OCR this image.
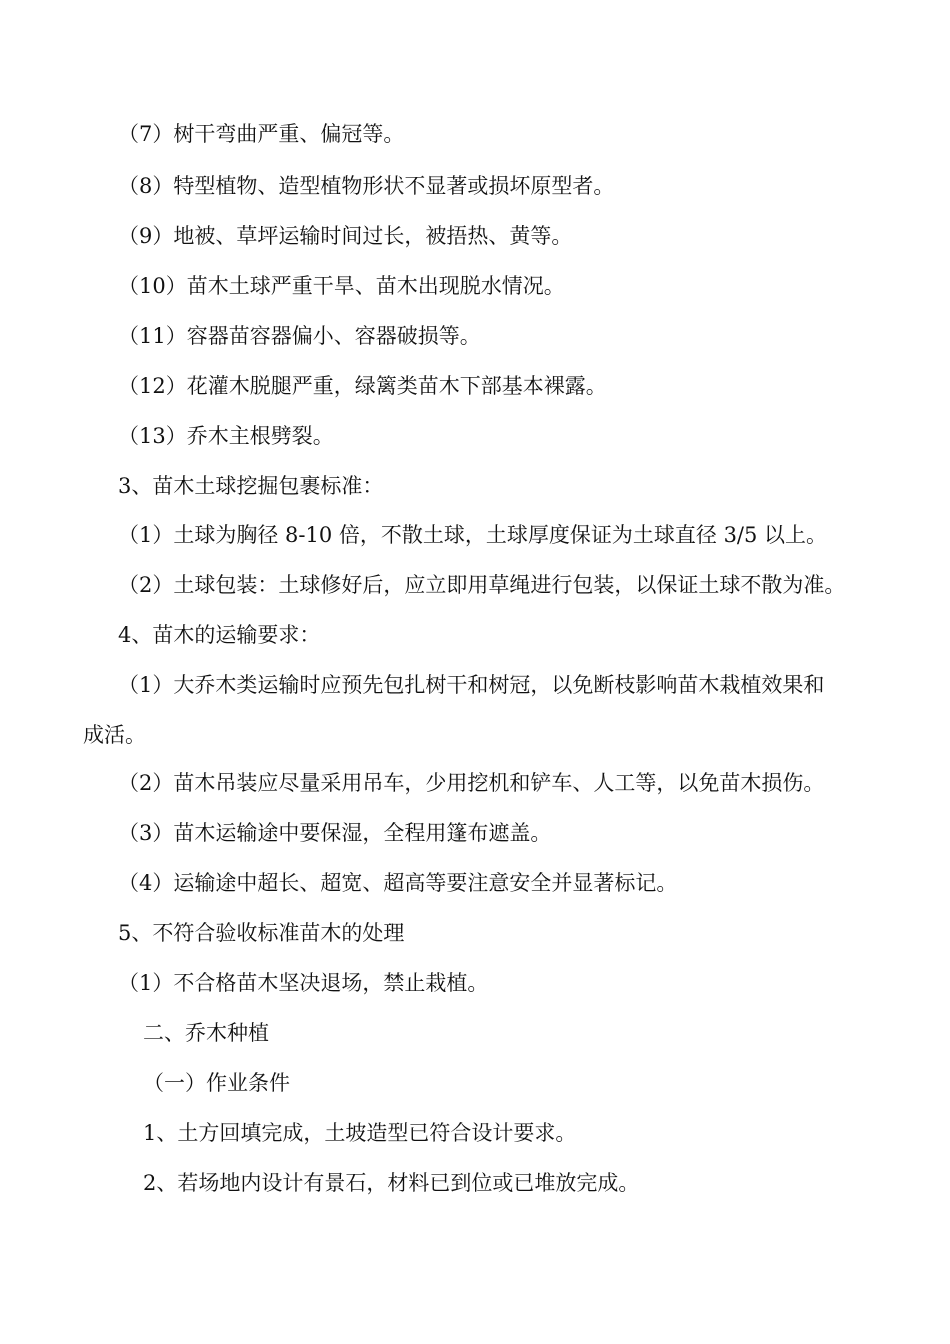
（7）树干弯曲严重、偏冠等。

（8）特型植物、造型植物形状不显著或损坏原型者。

（9）地被、草坪运输时间过长，被捂热、黄等。

（10）苗木土球严重干旱、苗木出现脱水情况。

（11）容器苗容器偏小、容器破损等。

（12）花灌木脱腿严重，绿篱类苗木下部基本裸露。

（13）乔木主根劈裂。

3、苗木土球挖掘包裹标准：

（1）土球为胸径 8-10 倍，不散土球，土球厚度保证为土球直径 3/5 以上。

（2）土球包装：土球修好后，应立即用草绳进行包装，以保证土球不散为准。

4、苗木的运输要求：

（1）大乔木类运输时应预先包扎树干和树冠，以免断枝影响苗木栽植效果和

成活。

（2）苗木吊装应尽量采用吊车，少用挖机和铲车、人工等，以免苗木损伤。

（3）苗木运输途中要保湿，全程用篷布遮盖。

（4）运输途中超长、超宽、超高等要注意安全并显著标记。

5、不符合验收标准苗木的处理

（1）不合格苗木坚决退场，禁止栽植。

二、乔木种植

（一）作业条件

1、土方回填完成，土坡造型已符合设计要求。

2、若场地内设计有景石，材料已到位或已堆放完成。
